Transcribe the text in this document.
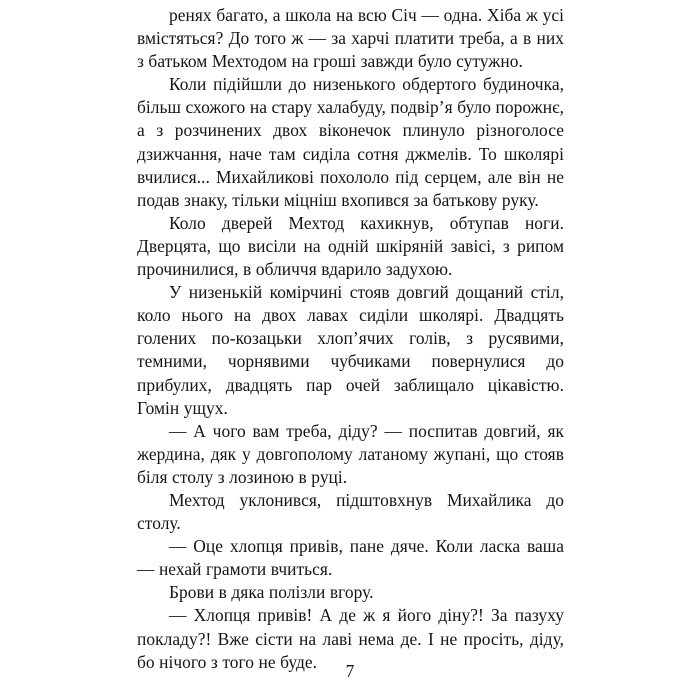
ренях багато, а школа на всю Січ — одна. Хіба ж усі вмістяться? До того ж — за харчі платити треба, а в них з батьком Мехтодом на гроші завжди було сутужно.

Коли підійшли до низенького обдертого будиночка, більш схожого на стару халабуду, подвір’я було порожнє, а з розчинених двох віконечок плинуло різноголосе дзижчання, наче там сиділа сотня джмелів. То школярі вчилися... Михайликові похололо під серцем, але він не подав знаку, тільки міцніш вхопився за батькову руку.

Коло дверей Мехтод кахикнув, обтупав ноги. Дверцята, що висіли на одній шкіряній завісі, з рипом прочинилися, в обличчя вдарило задухою.

У низенькій комірчині стояв довгий дощаний стіл, коло нього на двох лавах сиділи школярі. Двадцять голених по-козацьки хлоп’ячих голів, з русявими, темними, чорнявими чубчиками повернулися до прибулих, двадцять пар очей заблищало цікавістю. Гомін ущух.

— А чого вам треба, діду? — поспитав довгий, як жердина, дяк у довгополому латаному жупані, що стояв біля столу з лозиною в руці.

Мехтод уклонився, підштовхнув Михайлика до столу.

— Оце хлопця привів, пане дяче. Коли ласка ваша — нехай грамоти вчиться.

Брови в дяка полізли вгору.

— Хлопця привів! А де ж я його діну?! За пазуху покладу?! Вже сісти на лаві нема де. І не просіть, діду, бо нічого з того не буде.	7
